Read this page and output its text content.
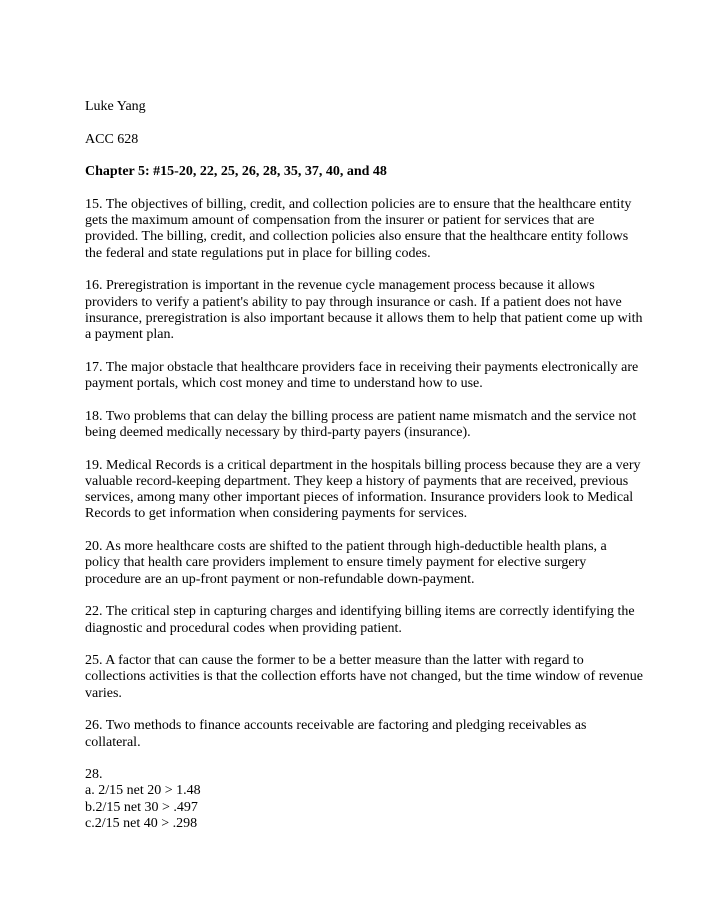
Luke Yang

ACC 628

Chapter 5: #15-20, 22, 25, 26, 28, 35, 37, 40, and 48

15. The objectives of billing, credit, and collection policies are to ensure that the healthcare entity gets the maximum amount of compensation from the insurer or patient for services that are provided. The billing, credit, and collection policies also ensure that the healthcare entity follows the federal and state regulations put in place for billing codes.

16. Preregistration is important in the revenue cycle management process because it allows providers to verify a patient's ability to pay through insurance or cash. If a patient does not have insurance, preregistration is also important because it allows them to help that patient come up with a payment plan.

17. The major obstacle that healthcare providers face in receiving their payments electronically are payment portals, which cost money and time to understand how to use.

18. Two problems that can delay the billing process are patient name mismatch and the service not being deemed medically necessary by third-party payers (insurance).

19. Medical Records is a critical department in the hospitals billing process because they are a very valuable record-keeping department. They keep a history of payments that are received, previous services, among many other important pieces of information. Insurance providers look to Medical Records to get information when considering payments for services.

20. As more healthcare costs are shifted to the patient through high-deductible health plans, a policy that health care providers implement to ensure timely payment for elective surgery procedure are an up-front payment or non-refundable down-payment.

22. The critical step in capturing charges and identifying billing items are correctly identifying the diagnostic and procedural codes when providing patient.

25. A factor that can cause the former to be a better measure than the latter with regard to collections activities is that the collection efforts have not changed, but the time window of revenue varies.

26. Two methods to finance accounts receivable are factoring and pledging receivables as collateral.

28.
a. 2/15 net 20 > 1.48
b.2/15 net 30 > .497
c.2/15 net 40 > .298
